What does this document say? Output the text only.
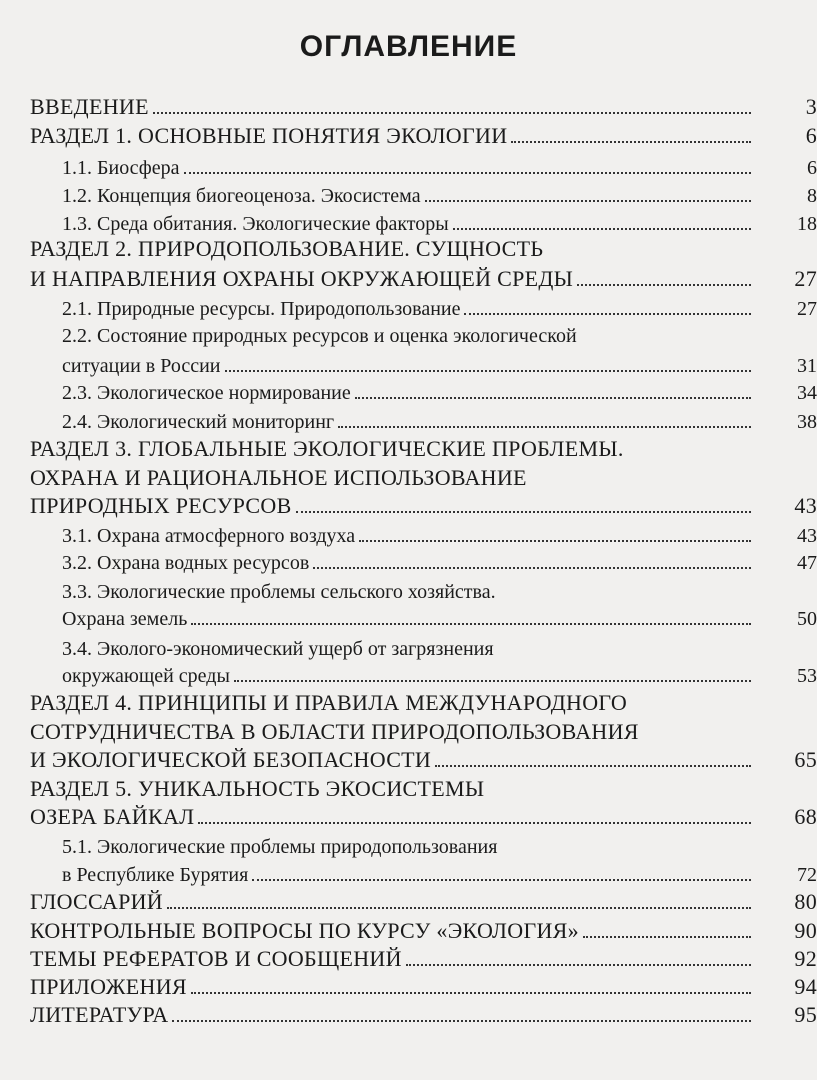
ОГЛАВЛЕНИЕ
ВВЕДЕНИЕ	3
РАЗДЕЛ 1. ОСНОВНЫЕ ПОНЯТИЯ ЭКОЛОГИИ	6
1.1. Биосфера	6
1.2. Концепция биогеоценоза. Экосистема	8
1.3. Среда обитания. Экологические факторы	18
РАЗДЕЛ 2. ПРИРОДОПОЛЬЗОВАНИЕ. СУЩНОСТЬ
И НАПРАВЛЕНИЯ ОХРАНЫ ОКРУЖАЮЩЕЙ СРЕДЫ	27
2.1. Природные ресурсы. Природопользование	27
2.2. Состояние природных ресурсов и оценка экологической
ситуации в России	31
2.3. Экологическое нормирование	34
2.4. Экологический мониторинг	38
РАЗДЕЛ 3. ГЛОБАЛЬНЫЕ ЭКОЛОГИЧЕСКИЕ ПРОБЛЕМЫ.
ОХРАНА И РАЦИОНАЛЬНОЕ ИСПОЛЬЗОВАНИЕ
ПРИРОДНЫХ РЕСУРСОВ	43
3.1. Охрана атмосферного воздуха	43
3.2. Охрана водных ресурсов	47
3.3. Экологические проблемы сельского хозяйства.
Охрана земель	50
3.4. Эколого-экономический ущерб от загрязнения
окружающей среды	53
РАЗДЕЛ 4. ПРИНЦИПЫ И ПРАВИЛА МЕЖДУНАРОДНОГО
СОТРУДНИЧЕСТВА В ОБЛАСТИ ПРИРОДОПОЛЬЗОВАНИЯ
И ЭКОЛОГИЧЕСКОЙ БЕЗОПАСНОСТИ	65
РАЗДЕЛ 5. УНИКАЛЬНОСТЬ ЭКОСИСТЕМЫ
ОЗЕРА БАЙКАЛ	68
5.1. Экологические проблемы природопользования
в Республике Бурятия	72
ГЛОССАРИЙ	80
КОНТРОЛЬНЫЕ ВОПРОСЫ ПО КУРСУ «ЭКОЛОГИЯ»	90
ТЕМЫ РЕФЕРАТОВ И СООБЩЕНИЙ	92
ПРИЛОЖЕНИЯ	94
ЛИТЕРАТУРА	95
